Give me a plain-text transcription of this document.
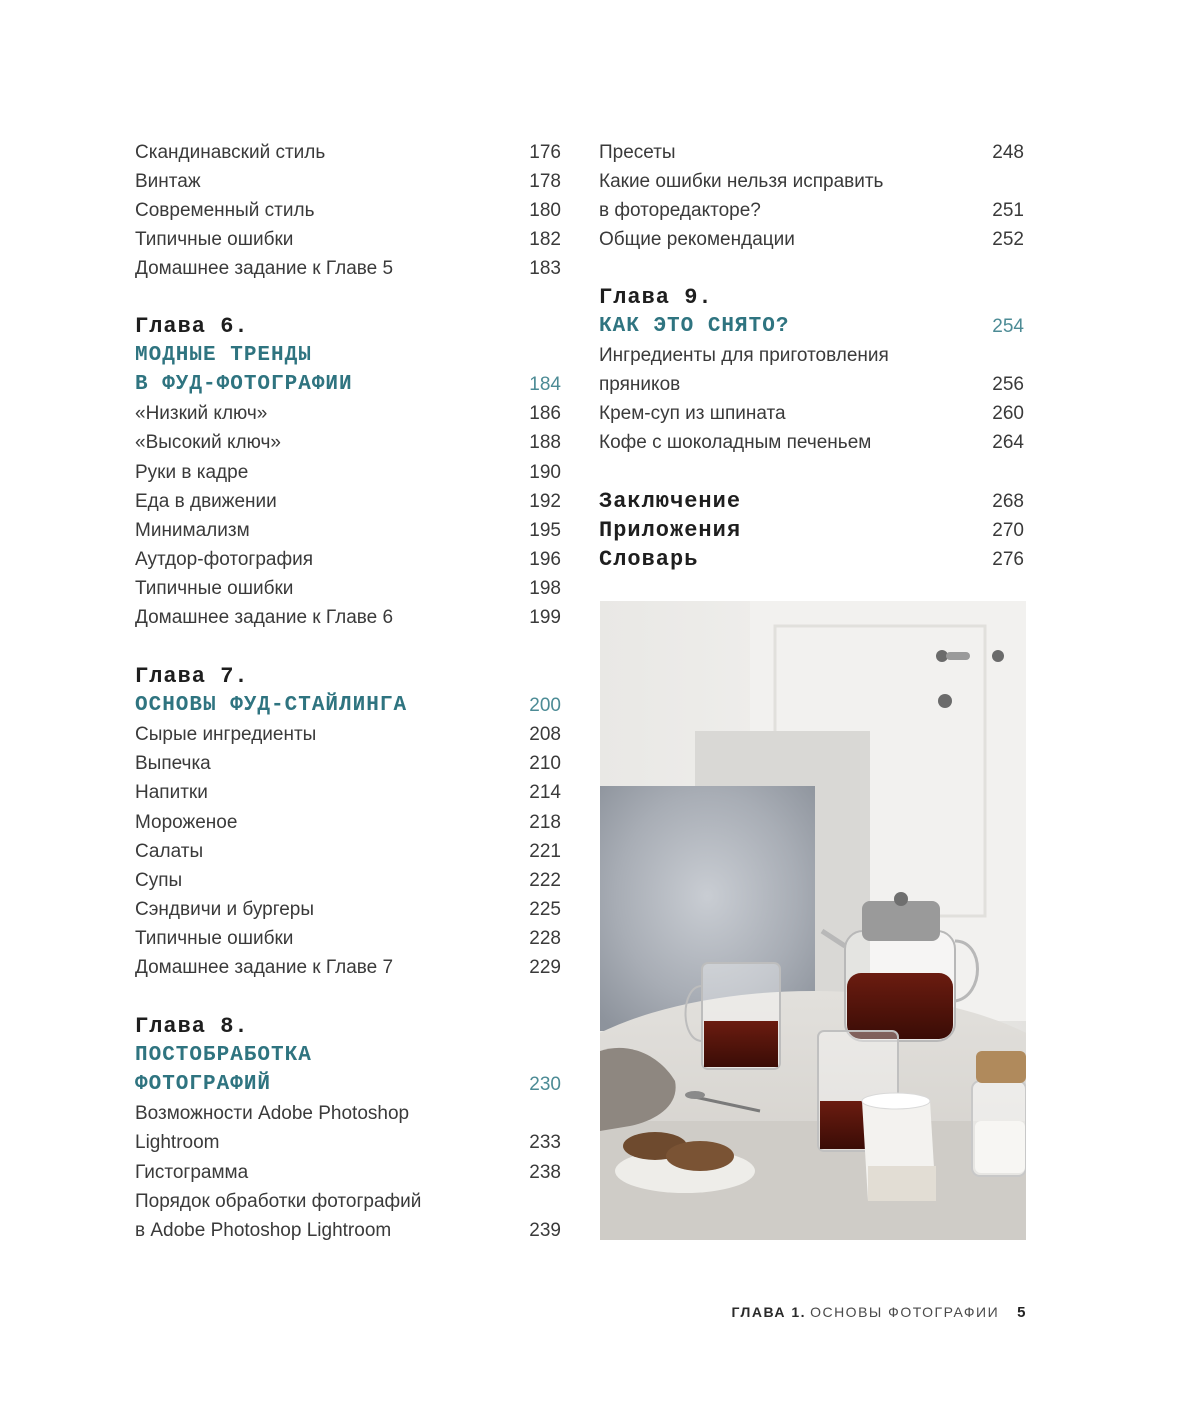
Скандинавский стиль	176
Винтаж	178
Современный стиль	180
Типичные ошибки	182
Домашнее задание к Главе 5	183
Глава 6.
МОДНЫЕ ТРЕНДЫ
В ФУД-ФОТОГРАФИИ	184
«Низкий ключ»	186
«Высокий ключ»	188
Руки в кадре	190
Еда в движении	192
Минимализм	195
Аутдор-фотография	196
Типичные ошибки	198
Домашнее задание к Главе 6	199
Глава 7.
ОСНОВЫ ФУД-СТАЙЛИНГА	200
Сырые ингредиенты	208
Выпечка	210
Напитки	214
Мороженое	218
Салаты	221
Супы	222
Сэндвичи и бургеры	225
Типичные ошибки	228
Домашнее задание к Главе 7	229
Глава 8.
ПОСТОБРАБОТКА
ФОТОГРАФИЙ	230
Возможности Adobe Photoshop
Lightroom	233
Гистограмма	238
Порядок обработки фотографий
в Adobe Photoshop Lightroom	239
Пресеты	248
Какие ошибки нельзя исправить
в фоторедакторе?	251
Общие рекомендации	252
Глава 9.
КАК ЭТО СНЯТО?	254
Ингредиенты для приготовления
пряников	256
Крем-суп из шпината	260
Кофе с шоколадным печеньем	264
Заключение	268
Приложения	270
Словарь	276
ГЛАВА 1. ОСНОВЫ ФОТОГРАФИИ 5
